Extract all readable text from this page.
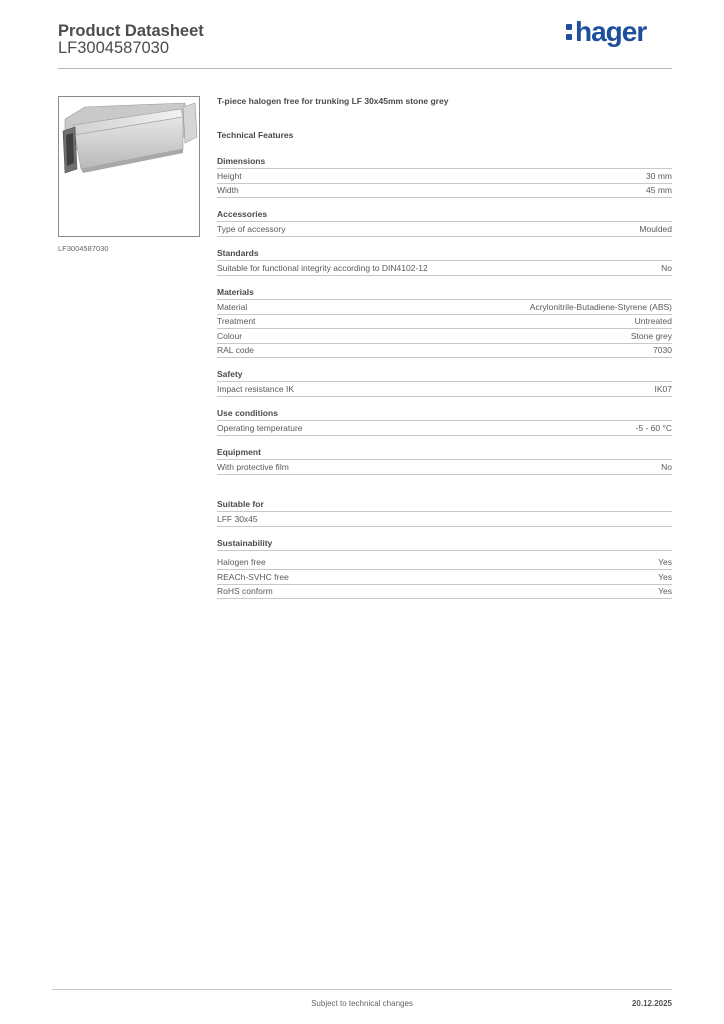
Product Datasheet
LF3004587030
hager
LF3004587030
T-piece halogen free for trunking LF 30x45mm stone grey
Technical Features
Dimensions
Height	30 mm
Width	45 mm
Accessories
Type of accessory	Moulded
Standards
Suitable for functional integrity according to DIN4102-12	No
Materials
Material	Acrylonitrile-Butadiene-Styrene (ABS)
Treatment	Untreated
Colour	Stone grey
RAL code	7030
Safety
Impact resistance IK	IK07
Use conditions
Operating temperature	-5 - 60 °C
Equipment
With protective film	No
Suitable for
LFF 30x45
Sustainability
Halogen free	Yes
REACh-SVHC free	Yes
RoHS conform	Yes
Subject to technical changes	20.12.2025
